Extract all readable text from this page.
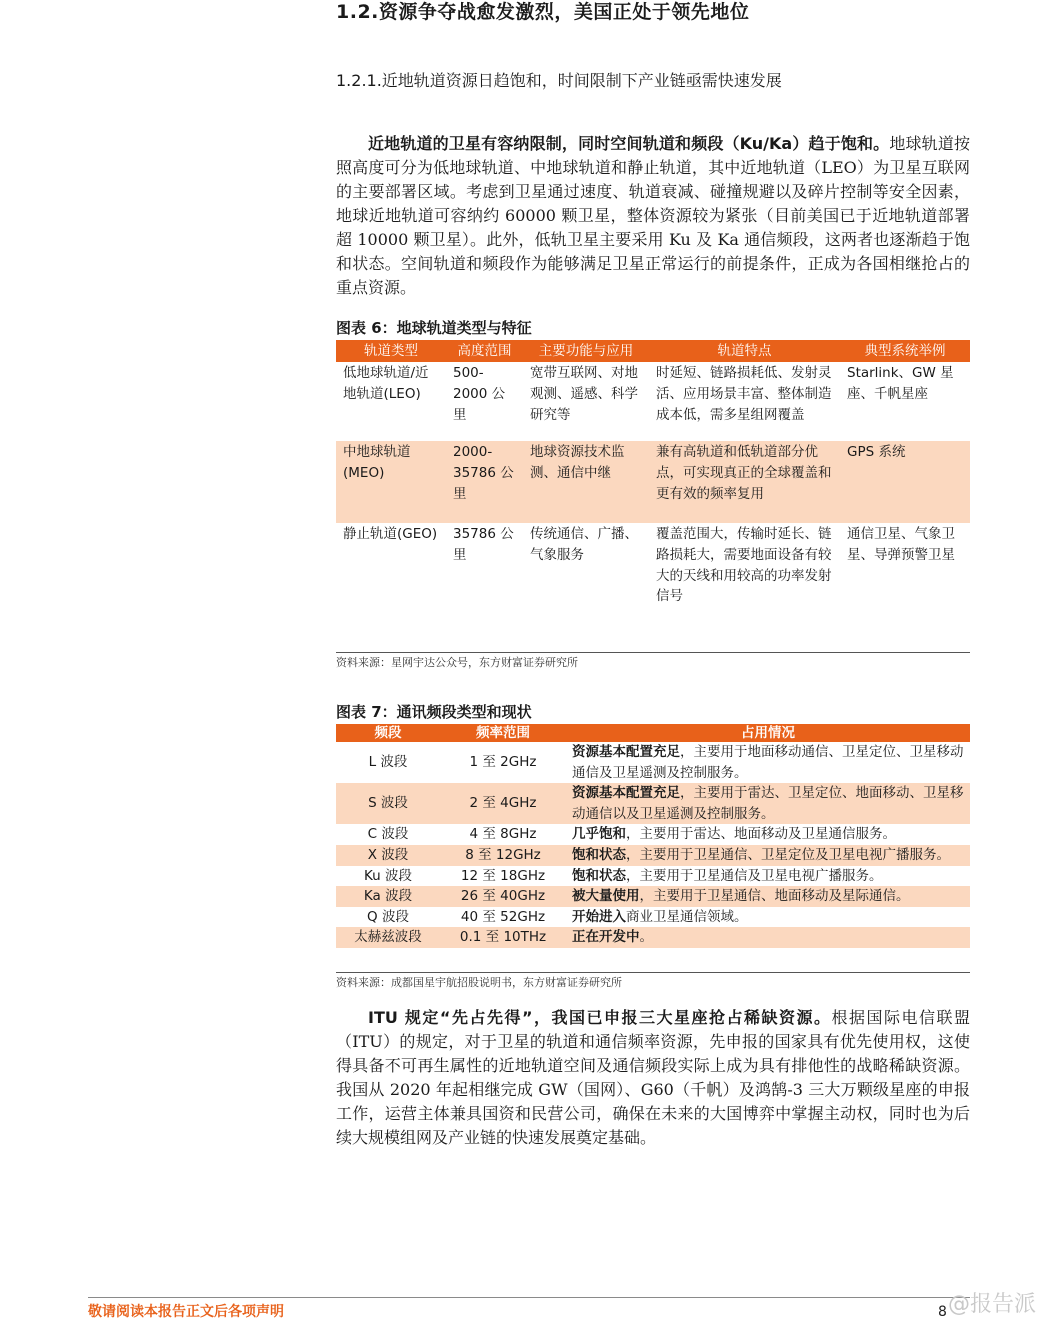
1.2.资源争夺战愈发激烈，美国正处于领先地位
1.2.1.近地轨道资源日趋饱和，时间限制下产业链亟需快速发展
近地轨道的卫星有容纳限制，同时空间轨道和频段（Ku/Ka）趋于饱和。地球轨道按照高度可分为低地球轨道、中地球轨道和静止轨道，其中近地轨道（LEO）为卫星互联网的主要部署区域。考虑到卫星通过速度、轨道衰减、碰撞规避以及碎片控制等安全因素，地球近地轨道可容纳约 60000 颗卫星，整体资源较为紧张（目前美国已于近地轨道部署超 10000 颗卫星）。此外，低轨卫星主要采用 Ku 及 Ka 通信频段，这两者也逐渐趋于饱和状态。空间轨道和频段作为能够满足卫星正常运行的前提条件，正成为各国相继抢占的重点资源。
图表 6：地球轨道类型与特征
轨道类型	高度范围	主要功能与应用	轨道特点	典型系统举例
低地球轨道/近地轨道(LEO)	500-2000 公里	宽带互联网、对地观测、遥感、科学研究等	时延短、链路损耗低、发射灵活、应用场景丰富、整体制造成本低，需多星组网覆盖	Starlink、GW 星座、千帆星座
中地球轨道(MEO)	2000-35786 公里	地球资源技术监测、通信中继	兼有高轨道和低轨道部分优点，可实现真正的全球覆盖和更有效的频率复用	GPS 系统
静止轨道(GEO)	35786 公里	传统通信、广播、气象服务	覆盖范围大，传输时延长、链路损耗大，需要地面设备有较大的天线和用较高的功率发射信号	通信卫星、气象卫星、导弹预警卫星
资料来源：星网宇达公众号，东方财富证券研究所
图表 7：通讯频段类型和现状
频段	频率范围	占用情况
L 波段	1 至 2GHz	资源基本配置充足，主要用于地面移动通信、卫星定位、卫星移动通信及卫星遥测及控制服务。
S 波段	2 至 4GHz	资源基本配置充足，主要用于雷达、卫星定位、地面移动、卫星移动通信以及卫星遥测及控制服务。
C 波段	4 至 8GHz	几乎饱和，主要用于雷达、地面移动及卫星通信服务。
X 波段	8 至 12GHz	饱和状态，主要用于卫星通信、卫星定位及卫星电视广播服务。
Ku 波段	12 至 18GHz	饱和状态，主要用于卫星通信及卫星电视广播服务。
Ka 波段	26 至 40GHz	被大量使用，主要用于卫星通信、地面移动及星际通信。
Q 波段	40 至 52GHz	开始进入商业卫星通信领域。
太赫兹波段	0.1 至 10THz	正在开发中。
资料来源：成都国星宇航招股说明书，东方财富证券研究所
ITU 规定“先占先得”，我国已申报三大星座抢占稀缺资源。根据国际电信联盟（ITU）的规定，对于卫星的轨道和通信频率资源，先申报的国家具有优先使用权，这使得具备不可再生属性的近地轨道空间及通信频段实际上成为具有排他性的战略稀缺资源。我国从 2020 年起相继完成 GW（国网）、G60（千帆）及鸿鹄-3 三大万颗级星座的申报工作，运营主体兼具国资和民营公司，确保在未来的大国博弈中掌握主动权，同时也为后续大规模组网及产业链的快速发展奠定基础。
敬请阅读本报告正文后各项声明	8 @报告派
